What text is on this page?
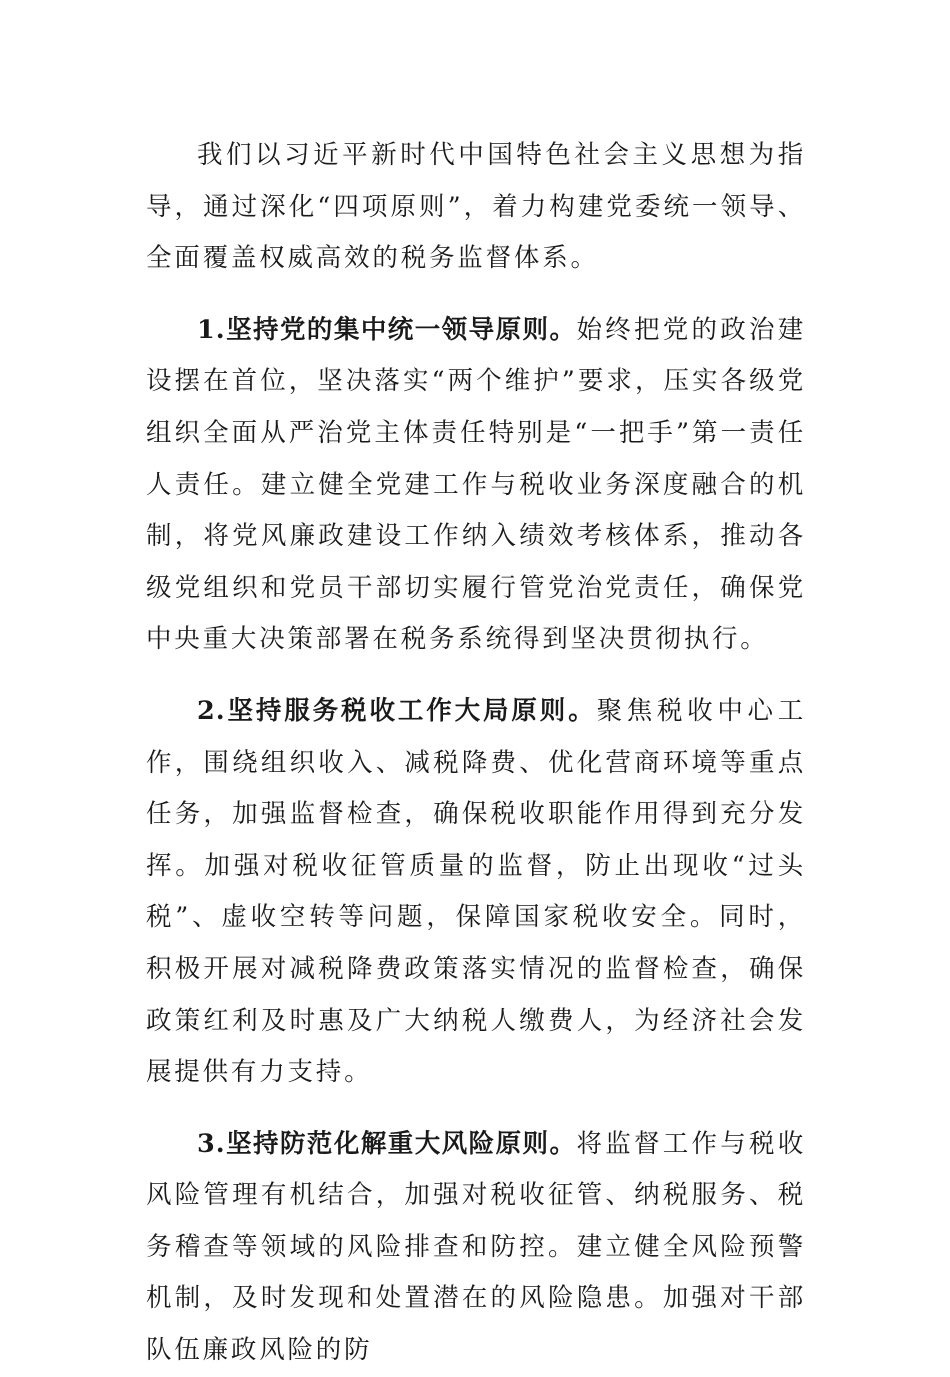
我们以习近平新时代中国特色社会主义思想为指导，通过深化“四项原则”，着力构建党委统一领导、全面覆盖权威高效的税务监督体系。

1.坚持党的集中统一领导原则。始终把党的政治建设摆在首位，坚决落实“两个维护”要求，压实各级党组织全面从严治党主体责任特别是“一把手”第一责任人责任。建立健全党建工作与税收业务深度融合的机制，将党风廉政建设工作纳入绩效考核体系，推动各级党组织和党员干部切实履行管党治党责任，确保党中央重大决策部署在税务系统得到坚决贯彻执行。

2.坚持服务税收工作大局原则。聚焦税收中心工作，围绕组织收入、减税降费、优化营商环境等重点任务，加强监督检查，确保税收职能作用得到充分发挥。加强对税收征管质量的监督，防止出现收“过头税”、虚收空转等问题，保障国家税收安全。同时，积极开展对减税降费政策落实情况的监督检查，确保政策红利及时惠及广大纳税人缴费人，为经济社会发展提供有力支持。

3.坚持防范化解重大风险原则。将监督工作与税收风险管理有机结合，加强对税收征管、纳税服务、税务稽查等领域的风险排查和防控。建立健全风险预警机制，及时发现和处置潜在的风险隐患。加强对干部队伍廉政风险的防
